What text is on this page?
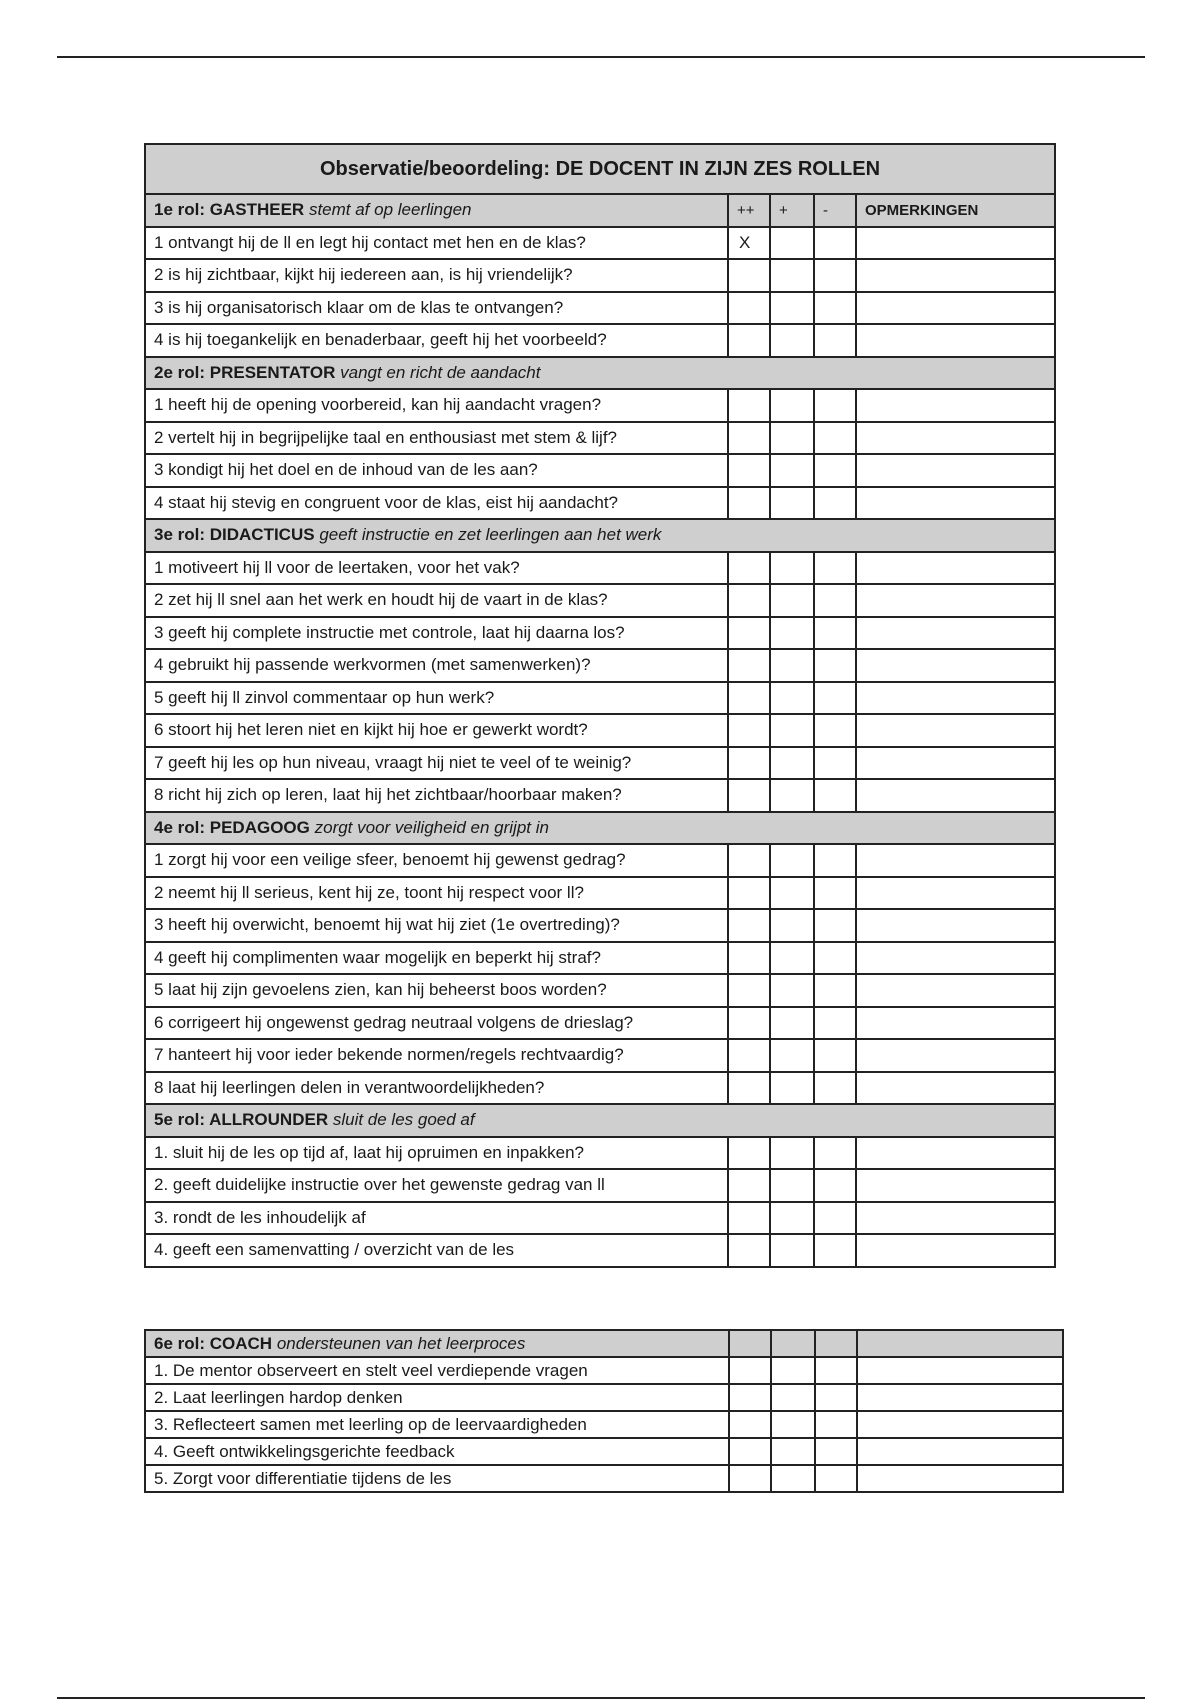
Observatie/beoordeling: DE DOCENT IN ZIJN ZES ROLLEN				
1e rol: GASTHEER stemt af op leerlingen	++	+	-	OPMERKINGEN
1 ontvangt hij de ll en legt hij contact met hen en de klas?	X			
2 is hij zichtbaar, kijkt hij iedereen aan, is hij vriendelijk?				
3 is hij organisatorisch klaar om de klas te ontvangen?				
4 is hij toegankelijk en benaderbaar, geeft hij het voorbeeld?				
2e rol: PRESENTATOR vangt en richt de aandacht				
1 heeft hij de opening voorbereid, kan hij aandacht vragen?				
2 vertelt hij in begrijpelijke taal en enthousiast met stem & lijf?				
3 kondigt hij het doel en de inhoud van de les aan?				
4 staat hij stevig en congruent voor de klas, eist hij aandacht?				
3e rol: DIDACTICUS geeft instructie en zet leerlingen aan het werk				
1 motiveert hij ll voor de leertaken, voor het vak?				
2 zet hij ll snel aan het werk en houdt hij de vaart in de klas?				
3 geeft hij complete instructie met controle, laat hij daarna los?				
4 gebruikt hij passende werkvormen (met samenwerken)?				
5 geeft hij ll zinvol commentaar op hun werk?				
6 stoort hij het leren niet en kijkt hij hoe er gewerkt wordt?				
7 geeft hij les op hun niveau, vraagt hij niet te veel of te weinig?				
8 richt hij zich op leren, laat hij het zichtbaar/hoorbaar maken?				
4e rol: PEDAGOOG zorgt voor veiligheid en grijpt in				
1 zorgt hij voor een veilige sfeer, benoemt hij gewenst gedrag?				
2 neemt hij ll serieus, kent hij ze, toont hij respect voor ll?				
3 heeft hij overwicht, benoemt hij wat hij ziet (1e overtreding)?				
4 geeft hij complimenten waar mogelijk en beperkt hij straf?				
5 laat hij zijn gevoelens zien, kan hij beheerst boos worden?				
6 corrigeert hij ongewenst gedrag neutraal volgens de drieslag?				
7 hanteert hij voor ieder bekende normen/regels rechtvaardig?				
8 laat hij leerlingen delen in verantwoordelijkheden?				
5e rol: ALLROUNDER sluit de les goed af				
1. sluit hij de les op tijd af, laat hij opruimen en inpakken?				
2. geeft duidelijke instructie over het gewenste gedrag van ll				
3. rondt de les inhoudelijk af				
4. geeft een samenvatting / overzicht van de les				
6e rol: COACH ondersteunen van het leerproces				
1. De mentor observeert en stelt veel verdiepende vragen				
2. Laat leerlingen hardop denken				
3. Reflecteert samen met leerling op de leervaardigheden				
4. Geeft ontwikkelingsgerichte feedback				
5. Zorgt voor differentiatie tijdens de les				
